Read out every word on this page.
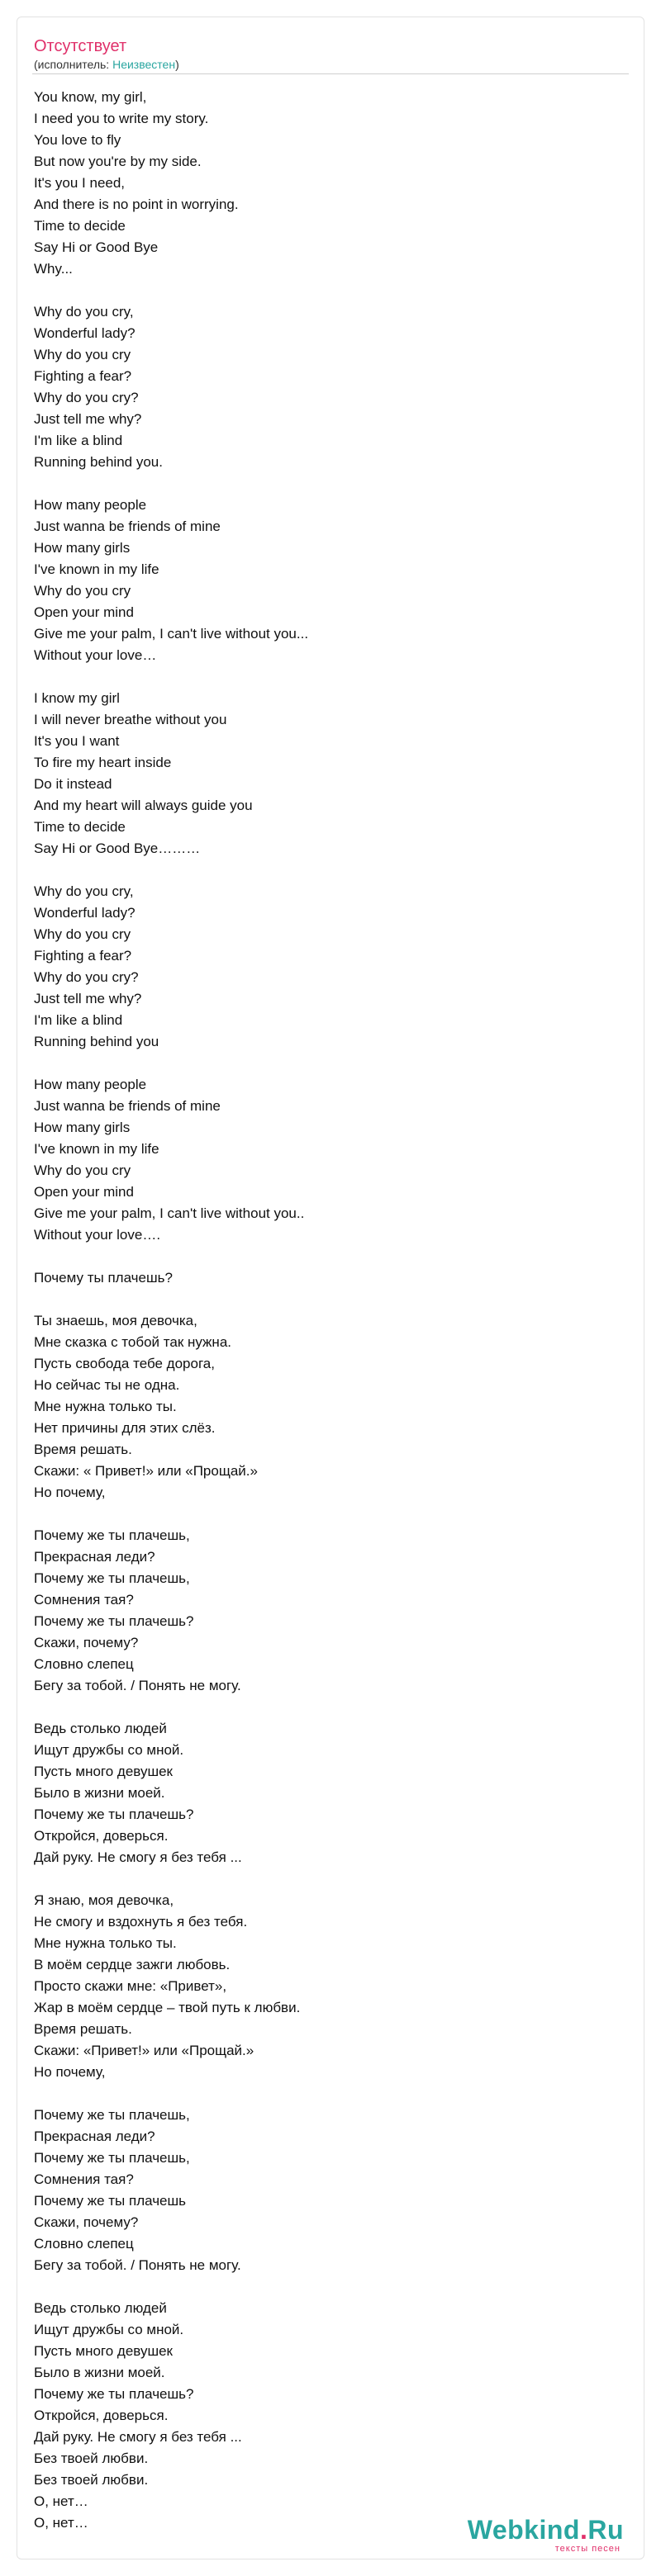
Отсутствует
(исполнитель: Неизвестен)
You know, my girl,
I need you to write my story.
You love to fly
But now you're by my side.
It's you I need,
And there is no point in worrying.
Time to decide
Say Hi or Good Bye
Why...
Why do you cry,
Wonderful lady?
Why do you cry
Fighting a fear?
Why do you cry?
Just tell me why?
I'm like a blind
Running behind you.
How many people
Just wanna be friends of mine
How many girls
I've known in my life
Why do you cry
Open your mind
Give me your palm, I can't live without you...
Without your love…
I know my girl
I will never breathe without you
It's you I want
To fire my heart inside
Do it instead
And my heart will always guide you
Time to decide
Say Hi or Good Bye………
Why do you cry,
Wonderful lady?
Why do you cry
Fighting a fear?
Why do you cry?
Just tell me why?
I'm like a blind
Running behind you
How many people
Just wanna be friends of mine
How many girls
I've known in my life
Why do you cry
Open your mind
Give me your palm, I can't live without you..
Without your love….
Почему ты плачешь?
Ты знаешь, моя девочка,
Мне сказка с тобой так нужна.
Пусть свобода тебе дорога,
Но сейчас ты не одна.
Мне нужна только ты.
Нет причины для этих слёз.
Время решать.
Скажи: « Привет!» или «Прощай.»
Но почему,
Почему же ты плачешь,
Прекрасная леди?
Почему же ты плачешь,
Сомнения тая?
Почему же ты плачешь?
Скажи, почему?
Словно слепец
Бегу за тобой. / Понять не могу.
Ведь столько людей
Ищут дружбы со мной.
Пусть много девушек
Было в жизни моей.
Почему же ты плачешь?
Откройся, доверься.
Дай руку. Не смогу я без тебя ...
Я знаю, моя девочка,
Не смогу и вздохнуть я без тебя.
Мне нужна только ты.
В моём сердце зажги любовь.
Просто скажи мне: «Привет»,
Жар в моём сердце – твой путь к любви.
Время решать.
Скажи: «Привет!» или «Прощай.»
Но почему,
Почему же ты плачешь,
Прекрасная леди?
Почему же ты плачешь,
Сомнения тая?
Почему же ты плачешь
Скажи, почему?
Словно слепец
Бегу за тобой. / Понять не могу.
Ведь столько людей
Ищут дружбы со мной.
Пусть много девушек
Было в жизни моей.
Почему же ты плачешь?
Откройся, доверься.
Дай руку. Не смогу я без тебя ...
Без твоей любви.
Без твоей любви.
О, нет…
О, нет…	Webkind.Ru
тексты песен
